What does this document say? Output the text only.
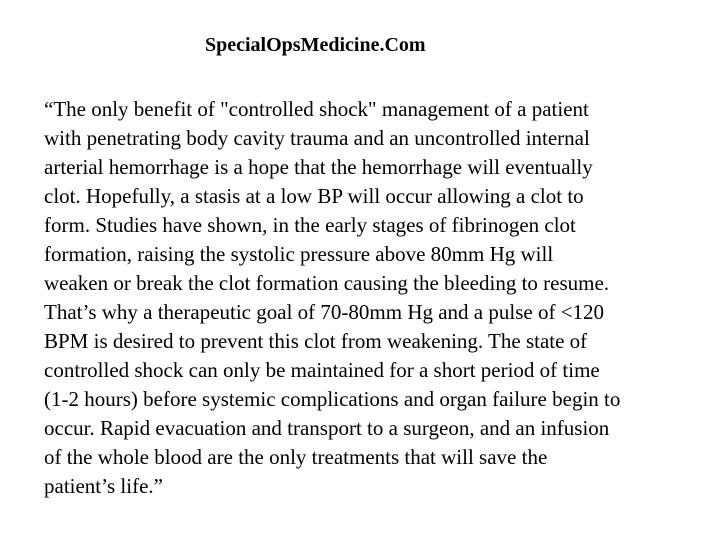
SpecialOpsMedicine.Com

“The only benefit of "controlled shock" management of a patient
with penetrating body cavity trauma and an uncontrolled internal
arterial hemorrhage is a hope that the hemorrhage will eventually
clot. Hopefully, a stasis at a low BP will occur allowing a clot to
form. Studies have shown, in the early stages of fibrinogen clot
formation, raising the systolic pressure above 80mm Hg will
weaken or break the clot formation causing the bleeding to resume.
That’s why a therapeutic goal of 70-80mm Hg and a pulse of <120
BPM is desired to prevent this clot from weakening. The state of
controlled shock can only be maintained for a short period of time
(1-2 hours) before systemic complications and organ failure begin to
occur. Rapid evacuation and transport to a surgeon, and an infusion
of the whole blood are the only treatments that will save the
patient’s life.”
